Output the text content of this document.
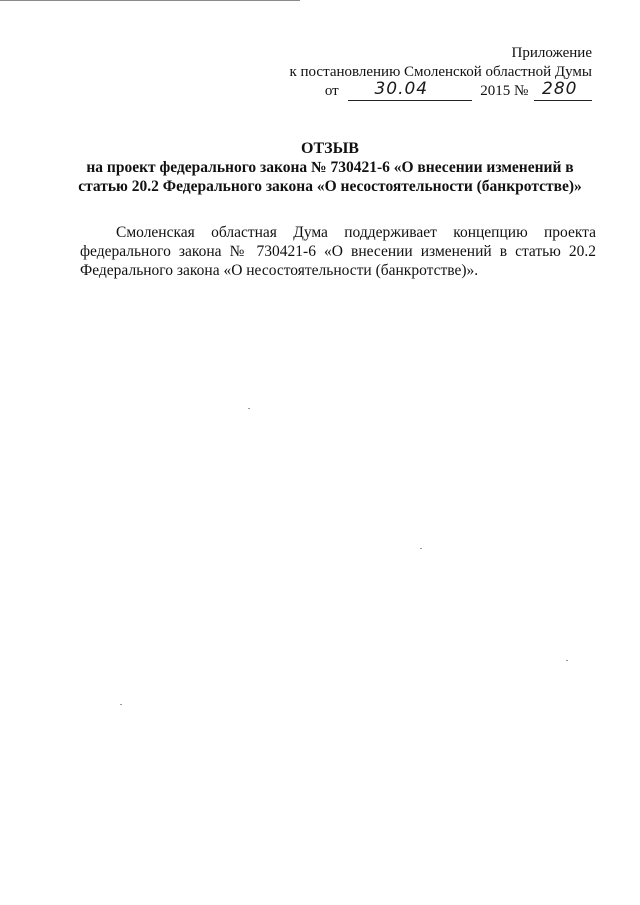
Приложение
к постановлению Смоленской областной Думы
от 30.04	2015 № 280
ОТЗЫВ
на проект федерального закона № 730421-6 «О внесении изменений в
статью 20.2 Федерального закона «О несостоятельности (банкротстве)»
Смоленская областная Дума поддерживает концепцию проекта федерального закона № 730421-6 «О внесении изменений в статью 20.2 Федерального закона «О несостоятельности (банкротстве)».
